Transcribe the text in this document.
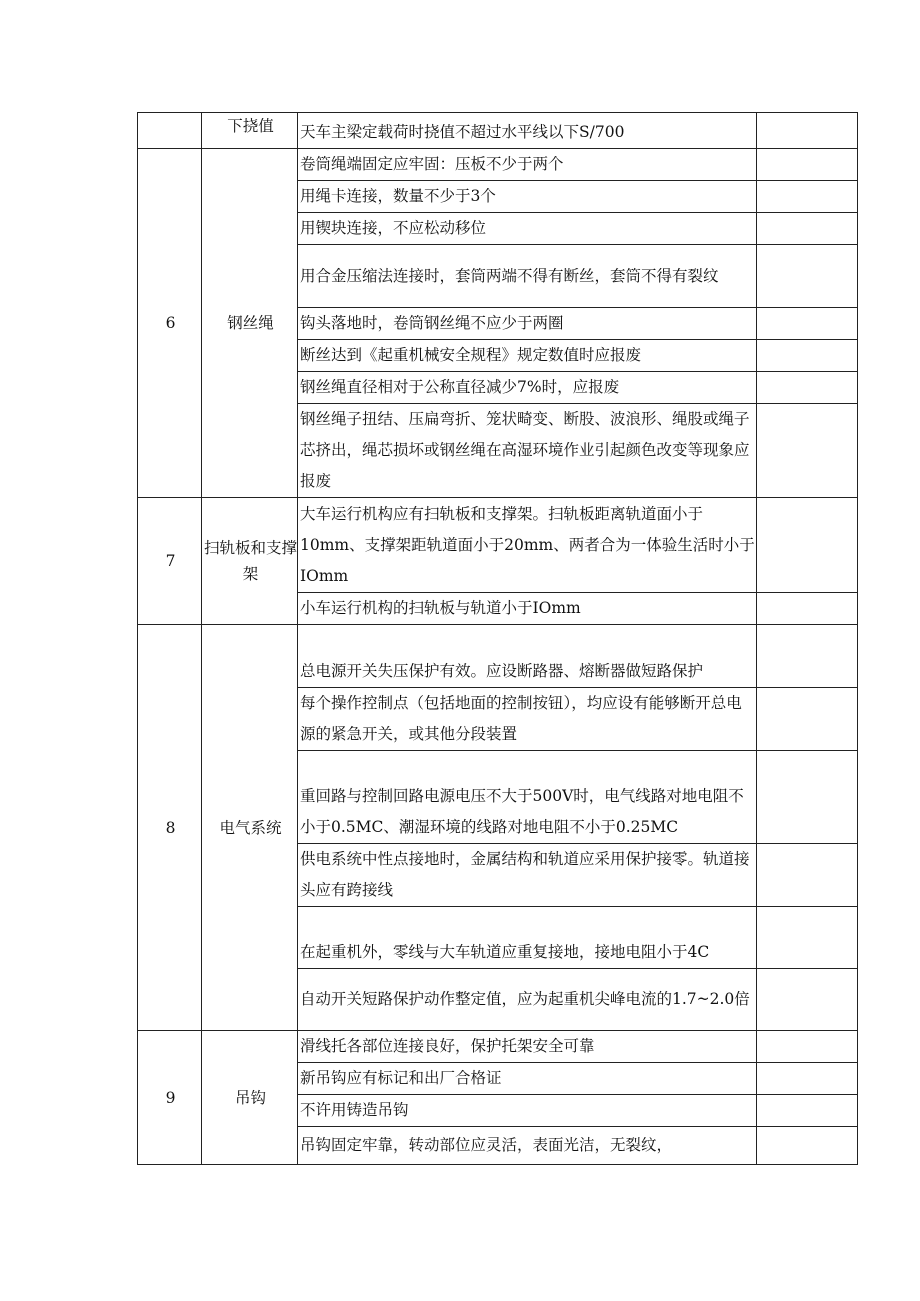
	下挠值	天车主梁定载荷时挠值不超过水平线以下S/700	
6	钢丝绳	卷筒绳端固定应牢固：压板不少于两个	
		用绳卡连接，数量不少于3个	
		用锲块连接，不应松动移位	
		用合金压缩法连接时，套筒两端不得有断丝，套筒不得有裂纹	
		钩头落地时，卷筒钢丝绳不应少于两圈	
		断丝达到《起重机械安全规程》规定数值时应报废	
		钢丝绳直径相对于公称直径减少7%时，应报废	
		钢丝绳子扭结、压扁弯折、笼状畸变、断股、波浪形、绳股或绳子芯挤出，绳芯损坏或钢丝绳在高湿环境作业引起颜色改变等现象应报废	
7	扫轨板和支撑架	大车运行机构应有扫轨板和支撑架。扫轨板距离轨道面小于10mm、支撑架距轨道面小于20mm、两者合为一体验生活时小于IOmm	
		小车运行机构的扫轨板与轨道小于IOmm	
8	电气系统	总电源开关失压保护有效。应设断路器、熔断器做短路保护	
		每个操作控制点（包括地面的控制按钮），均应设有能够断开总电源的紧急开关，或其他分段装置	
		重回路与控制回路电源电压不大于500V时，电气线路对地电阻不小于0.5MC、潮湿环境的线路对地电阻不小于0.25MC	
		供电系统中性点接地时，金属结构和轨道应采用保护接零。轨道接头应有跨接线	
		在起重机外，零线与大车轨道应重复接地，接地电阻小于4C	
		自动开关短路保护动作整定值，应为起重机尖峰电流的1.7~2.0倍	
9	吊钩	滑线托各部位连接良好，保护托架安全可靠	
		新吊钩应有标记和出厂合格证	
		不许用铸造吊钩	
		吊钩固定牢靠，转动部位应灵活，表面光洁，无裂纹，	
